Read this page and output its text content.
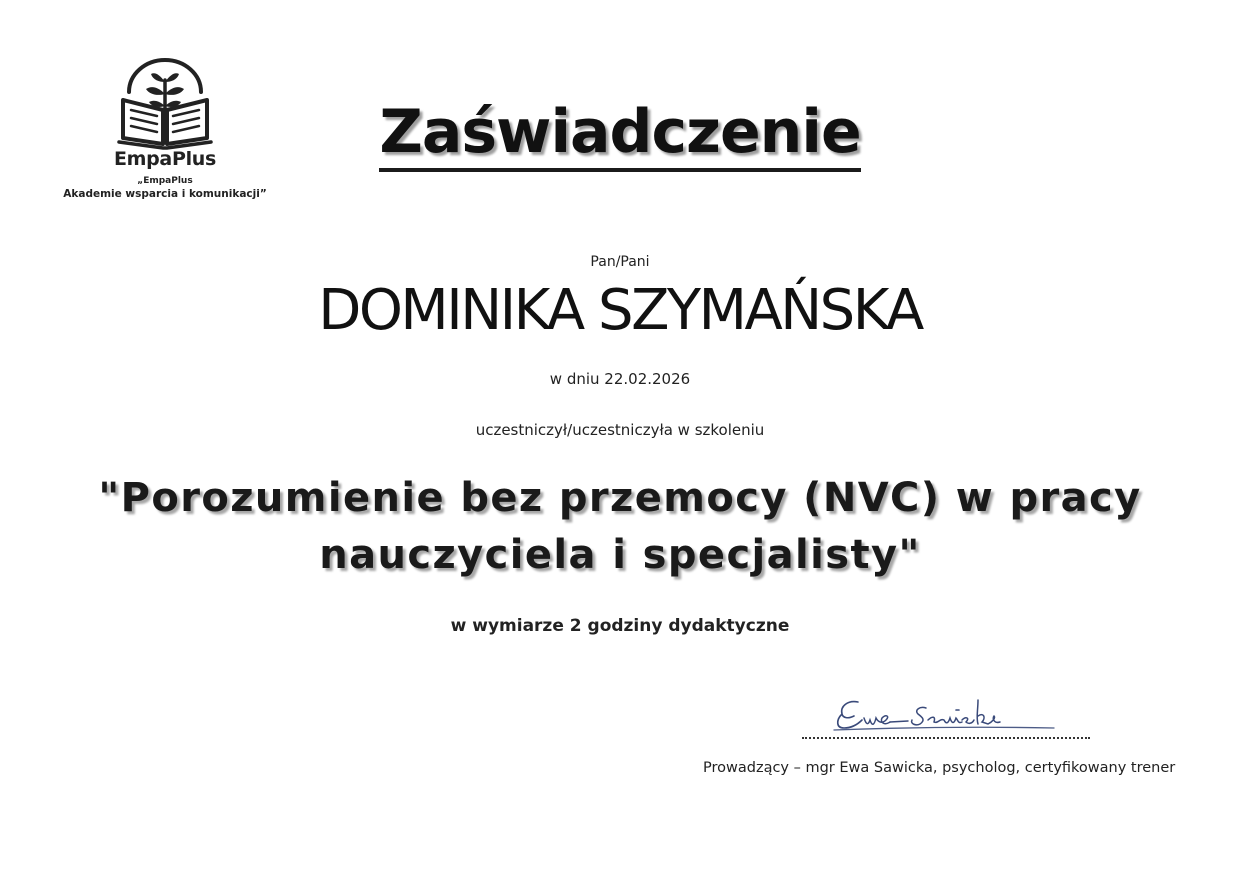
EmpaPlus
„EmpaPlus
Akademie wsparcia i komunikacji”
Zaświadczenie
Pan/Pani
DOMINIKA SZYMAŃSKA
w dniu 22.02.2026
uczestniczył/uczestniczyła w szkoleniu
"Porozumienie bez przemocy (NVC) w pracy
nauczyciela i specjalisty"
w wymiarze 2 godziny dydaktyczne
Prowadzący – mgr Ewa Sawicka, psycholog, certyfikowany trener
